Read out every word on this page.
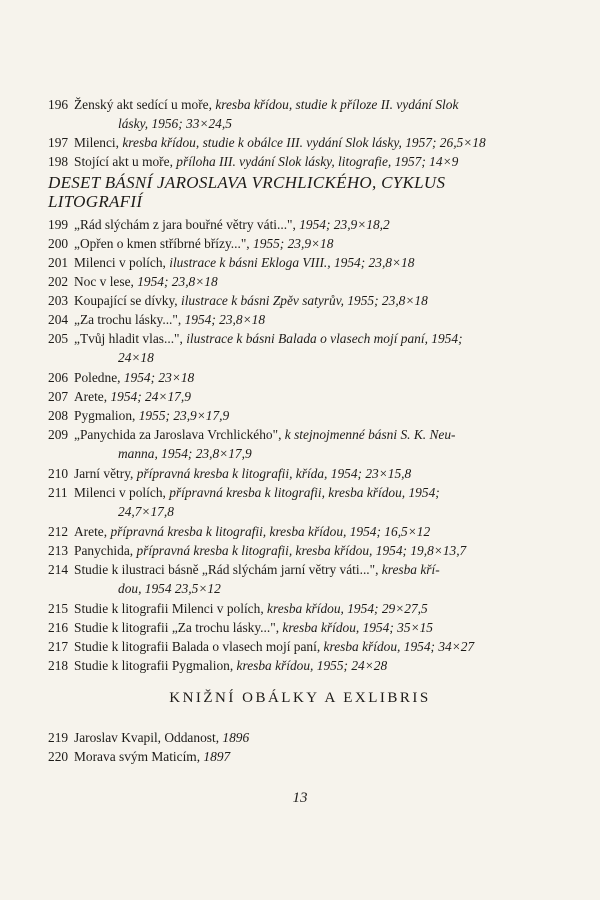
196 Ženský akt sedící u moře, kresba křídou, studie k příloze II. vydání Slok
lásky, 1956; 33×24,5
197 Milenci, kresba křídou, studie k obálce III. vydání Slok lásky, 1957; 26,5×18
198 Stojící akt u moře, příloha III. vydání Slok lásky, litografie, 1957; 14×9
DESET BÁSNÍ JAROSLAVA VRCHLICKÉHO, CYKLUS LITOGRAFIÍ
199 „Rád slýchám z jara bouřné větry váti...", 1954; 23,9×18,2
200 „Opřen o kmen stříbrné břízy...", 1955; 23,9×18
201 Milenci v polích, ilustrace k básni Ekloga VIII., 1954; 23,8×18
202 Noc v lese, 1954; 23,8×18
203 Koupající se dívky, ilustrace k básni Zpěv satyrův, 1955; 23,8×18
204 „Za trochu lásky...", 1954; 23,8×18
205 „Tvůj hladit vlas...", ilustrace k básni Balada o vlasech mojí paní, 1954;
24×18
206 Poledne, 1954; 23×18
207 Arete, 1954; 24×17,9
208 Pygmalion, 1955; 23,9×17,9
209 „Panychida za Jaroslava Vrchlického", k stejnojmenné básni S. K. Neu-
manna, 1954; 23,8×17,9
210 Jarní větry, přípravná kresba k litografii, křída, 1954; 23×15,8
211 Milenci v polích, přípravná kresba k litografii, kresba křídou, 1954;
24,7×17,8
212 Arete, přípravná kresba k litografii, kresba křídou, 1954; 16,5×12
213 Panychida, přípravná kresba k litografii, kresba křídou, 1954; 19,8×13,7
214 Studie k ilustraci básně „Rád slýchám jarní větry váti...", kresba kří-
dou, 1954 23,5×12
215 Studie k litografii Milenci v polích, kresba křídou, 1954; 29×27,5
216 Studie k litografii „Za trochu lásky...", kresba křídou, 1954; 35×15
217 Studie k litografii Balada o vlasech mojí paní, kresba křídou, 1954; 34×27
218 Studie k litografii Pygmalion, kresba křídou, 1955; 24×28
KNIŽNÍ OBÁLKY A EXLIBRIS
219 Jaroslav Kvapil, Oddanost, 1896
220 Morava svým Maticím, 1897
13
